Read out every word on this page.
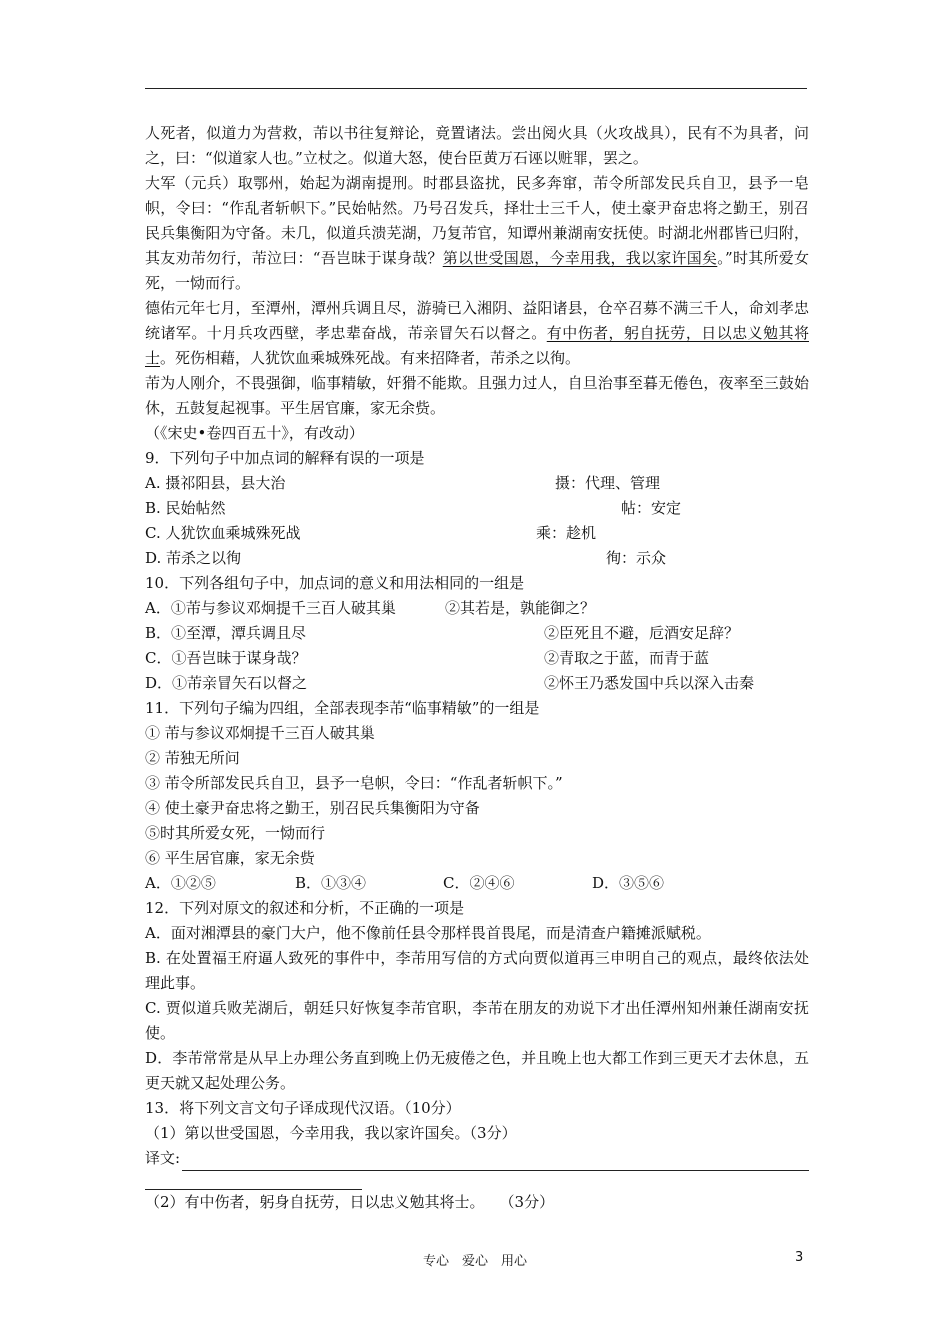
人死者，似道力为营救，芾以书往复辩论，竟置诸法。尝出阅火具（火攻战具），民有不为具者，问之，曰：“似道家人也。”立杖之。似道大怒，使台臣黄万石诬以赃罪，罢之。

大军（元兵）取鄂州，始起为湖南提刑。时郡县盗扰，民多奔窜，芾令所部发民兵自卫，县予一皂帜，令曰：“作乱者斩帜下。”民始帖然。乃号召发兵，择壮士三千人，使土豪尹奋忠将之勤王，别召民兵集衡阳为守备。未几，似道兵溃芜湖，乃复芾官，知谭州兼湖南安抚使。时湖北州郡皆已归附，其友劝芾勿行，芾泣曰：“吾岂昧于谋身哉？第以世受国恩，今幸用我，我以家许国矣。”时其所爱女死，一恸而行。

德佑元年七月，至潭州，潭州兵调且尽，游骑已入湘阴、益阳诸县，仓卒召募不满三千人，命刘孝忠统诸军。十月兵攻西壁，孝忠辈奋战，芾亲冒矢石以督之。有中伤者，躬自抚劳，日以忠义勉其将士。死伤相藉，人犹饮血乘城殊死战。有来招降者，芾杀之以徇。

芾为人刚介，不畏强御，临事精敏，奸猾不能欺。且强力过人，自旦治事至暮无倦色，夜率至三鼓始休，五鼓复起视事。平生居官廉，家无余赀。

（《宋史•卷四百五十》，有改动）
9．下列句子中加点词的解释有误的一项是
A. 摄祁阳县，县大治	摄：代理、管理
B. 民始帖然	帖：安定
C. 人犹饮血乘城殊死战	乘：趁机
D. 芾杀之以徇	徇：示众
10．下列各组句子中，加点词的意义和用法相同的一组是
A．①芾与参议邓炯提千三百人破其巢	②其若是，孰能御之？
B．①至潭，潭兵调且尽	②臣死且不避，卮酒安足辞？
C．①吾岂昧于谋身哉？	②青取之于蓝，而青于蓝
D．①芾亲冒矢石以督之	②怀王乃悉发国中兵以深入击秦
11．下列句子编为四组，全部表现李芾“临事精敏”的一组是
① 芾与参议邓炯提千三百人破其巢
② 芾独无所问
③ 芾令所部发民兵自卫，县予一皂帜，令曰：“作乱者斩帜下。”
④ 使土豪尹奋忠将之勤王，别召民兵集衡阳为守备
⑤时其所爱女死，一恸而行
⑥ 平生居官廉，家无余赀
A．①②⑤	B．①③④	C．②④⑥	D．③⑤⑥
12．下列对原文的叙述和分析，不正确的一项是

A．面对湘潭县的豪门大户，他不像前任县令那样畏首畏尾，而是清查户籍摊派赋税。

B. 在处置福王府逼人致死的事件中，李芾用写信的方式向贾似道再三申明自己的观点，最终依法处理此事。

C. 贾似道兵败芜湖后，朝廷只好恢复李芾官职，李芾在朋友的劝说下才出任潭州知州兼任湖南安抚使。

D．李芾常常是从早上办理公务直到晚上仍无疲倦之色，并且晚上也大都工作到三更天才去休息，五更天就又起处理公务。

13．将下列文言文句子译成现代汉语。（10分）
（1）第以世受国恩，今幸用我，我以家许国矣。（3分）
译文:
（2）有中伤者，躬身自抚劳，日以忠义勉其将士。　　（3分）
专心　爱心　用心	3
